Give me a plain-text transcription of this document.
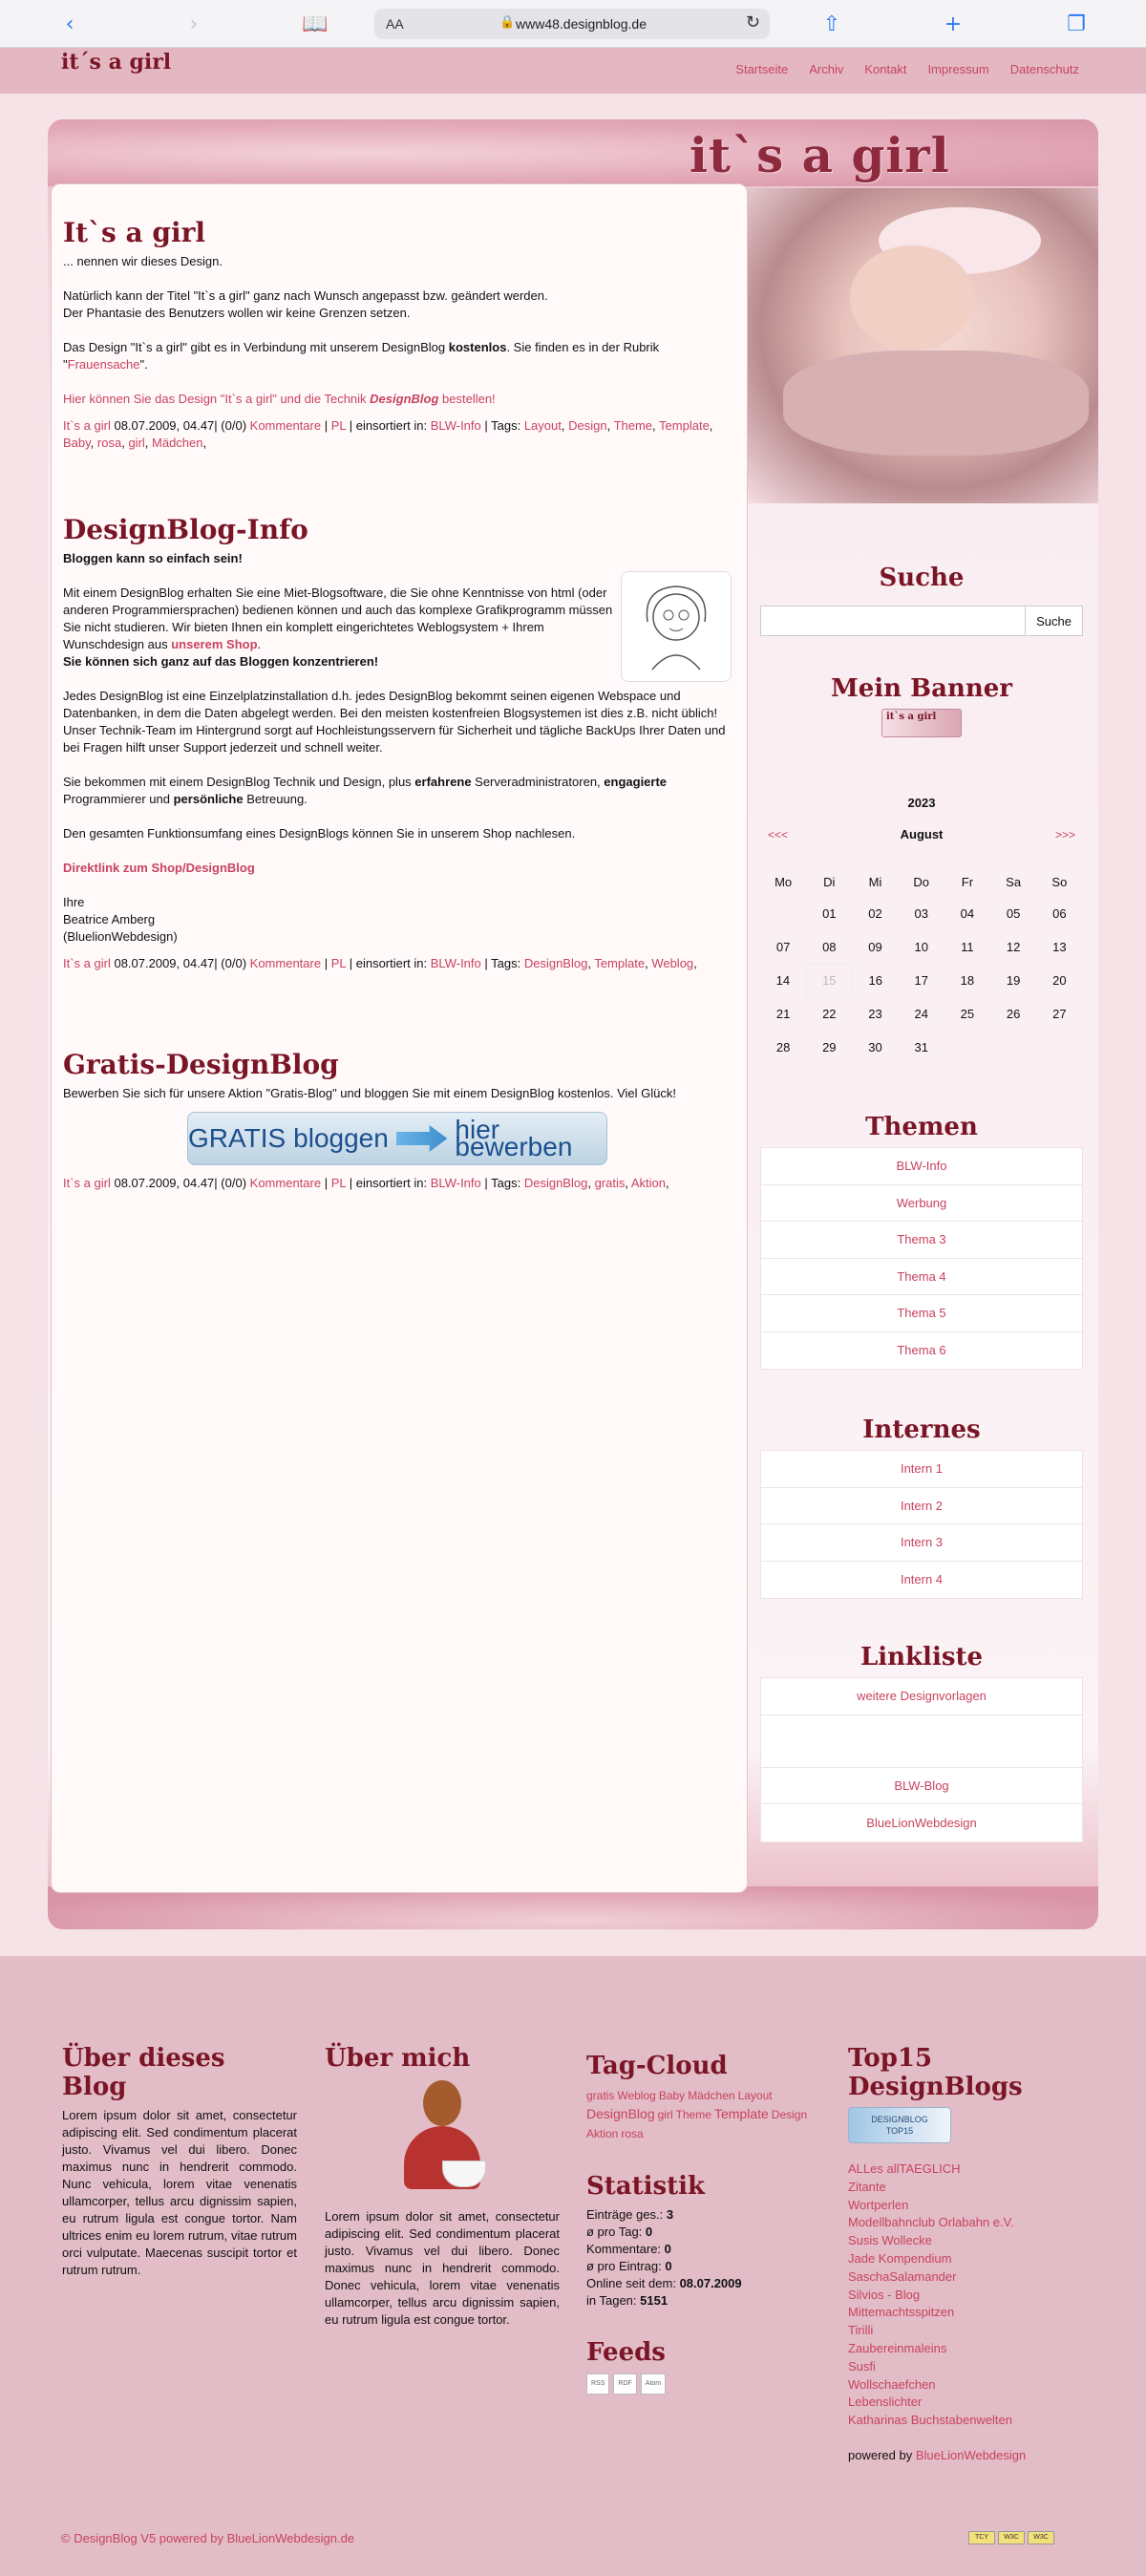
‹	›	📖	AA	🔒 www48.designblog.de	↻	⇧	+	❐
it´s a girl	Startseite Archiv Kontakt Impressum Datenschutz
it`s a girl
It`s a girl

... nennen wir dieses Design.

Natürlich kann der Titel "It`s a girl" ganz nach Wunsch angepasst bzw. geändert werden.
Der Phantasie des Benutzers wollen wir keine Grenzen setzen.

Das Design "It`s a girl" gibt es in Verbindung mit unserem DesignBlog kostenlos. Sie finden es in der Rubrik "Frauensache".

Hier können Sie das Design "It`s a girl" und die Technik DesignBlog bestellen!

It`s a girl 08.07.2009, 04.47| (0/0) Kommentare | PL | einsortiert in: BLW-Info | Tags: Layout, Design, Theme, Template, Baby, rosa, girl, Mädchen,
DesignBlog-Info

Bloggen kann so einfach sein!

Mit einem DesignBlog erhalten Sie eine Miet-Blogsoftware, die Sie ohne Kenntnisse von html (oder anderen Programmiersprachen) bedienen können und auch das komplexe Grafikprogramm müssen Sie nicht studieren. Wir bieten Ihnen ein komplett eingerichtetes Weblogsystem + Ihrem Wunschdesign aus unserem Shop.
Sie können sich ganz auf das Bloggen konzentrieren!

Jedes DesignBlog ist eine Einzelplatzinstallation d.h. jedes DesignBlog bekommt seinen eigenen Webspace und Datenbanken, in dem die Daten abgelegt werden. Bei den meisten kostenfreien Blogsystemen ist dies z.B. nicht üblich! Unser Technik-Team im Hintergrund sorgt auf Hochleistungsservern für Sicherheit und tägliche BackUps Ihrer Daten und bei Fragen hilft unser Support jederzeit und schnell weiter.

Sie bekommen mit einem DesignBlog Technik und Design, plus erfahrene Serveradministratoren, engagierte Programmierer und persönliche Betreuung.

Den gesamten Funktionsumfang eines DesignBlogs können Sie in unserem Shop nachlesen.

Direktlink zum Shop/DesignBlog

Ihre
Beatrice Amberg
(BluelionWebdesign)

It`s a girl 08.07.2009, 04.47| (0/0) Kommentare | PL | einsortiert in: BLW-Info | Tags: DesignBlog, Template, Weblog,
Gratis-DesignBlog

Bewerben Sie sich für unsere Aktion "Gratis-Blog" und bloggen Sie mit einem DesignBlog kostenlos. Viel Glück!

GRATIS bloggen hier bewerben
It`s a girl 08.07.2009, 04.47| (0/0) Kommentare | PL | einsortiert in: BLW-Info | Tags: DesignBlog, gratis, Aktion,
Suche
Suche
Mein Banner
it`s a girl
2023
<<<	August	>>>
Mo	Di	Mi	Do	Fr	Sa	So
	01	02	03	04	05	06
07	08	09	10	11	12	13
14	15	16	17	18	19	20
21	22	23	24	25	26	27
28	29	30	31			
Themen
BLW-Info
Werbung
Thema 3
Thema 4
Thema 5
Thema 6
Internes
Intern 1
Intern 2
Intern 3
Intern 4
Linkliste
weitere Designvorlagen
BLW-Blog
BlueLionWebdesign
Über dieses Blog
Lorem ipsum dolor sit amet, consectetur adipiscing elit. Sed condimentum placerat justo. Vivamus vel dui libero. Donec maximus nunc in hendrerit commodo. Nunc vehicula, lorem vitae venenatis ullamcorper, tellus arcu dignissim sapien, eu rutrum ligula est congue tortor. Nam ultrices enim eu lorem rutrum, vitae rutrum orci vulputate. Maecenas suscipit tortor et rutrum rutrum.
Über mich
Lorem ipsum dolor sit amet, consectetur adipiscing elit. Sed condimentum placerat justo. Vivamus vel dui libero. Donec maximus nunc in hendrerit commodo. Donec vehicula, lorem vitae venenatis ullamcorper, tellus arcu dignissim sapien, eu rutrum ligula est congue tortor.
Tag-Cloud
gratis Weblog Baby Mädchen Layout
DesignBlog girl Theme Template Design
Aktion rosa
Statistik
Einträge ges.: 3
ø pro Tag: 0
Kommentare: 0
ø pro Eintrag: 0
Online seit dem: 08.07.2009
in Tagen: 5151
Feeds
RSS RDF Atom
Top15 DesignBlogs
DESIGNBLOG
TOP15
ALLes allTAEGLICH
Zitante
Wortperlen
Modellbahnclub Orlabahn e.V.
Susis Wollecke
Jade Kompendium
SaschaSalamander
Silvios - Blog
Mittemachtsspitzen
Tirilli
Zaubereinmaleins
Susfi
Wollschaefchen
Lebenslichter
Katharinas Buchstabenwelten
powered by BlueLionWebdesign
© DesignBlog V5 powered by BlueLionWebdesign.de	TCY	W3C	W3C
